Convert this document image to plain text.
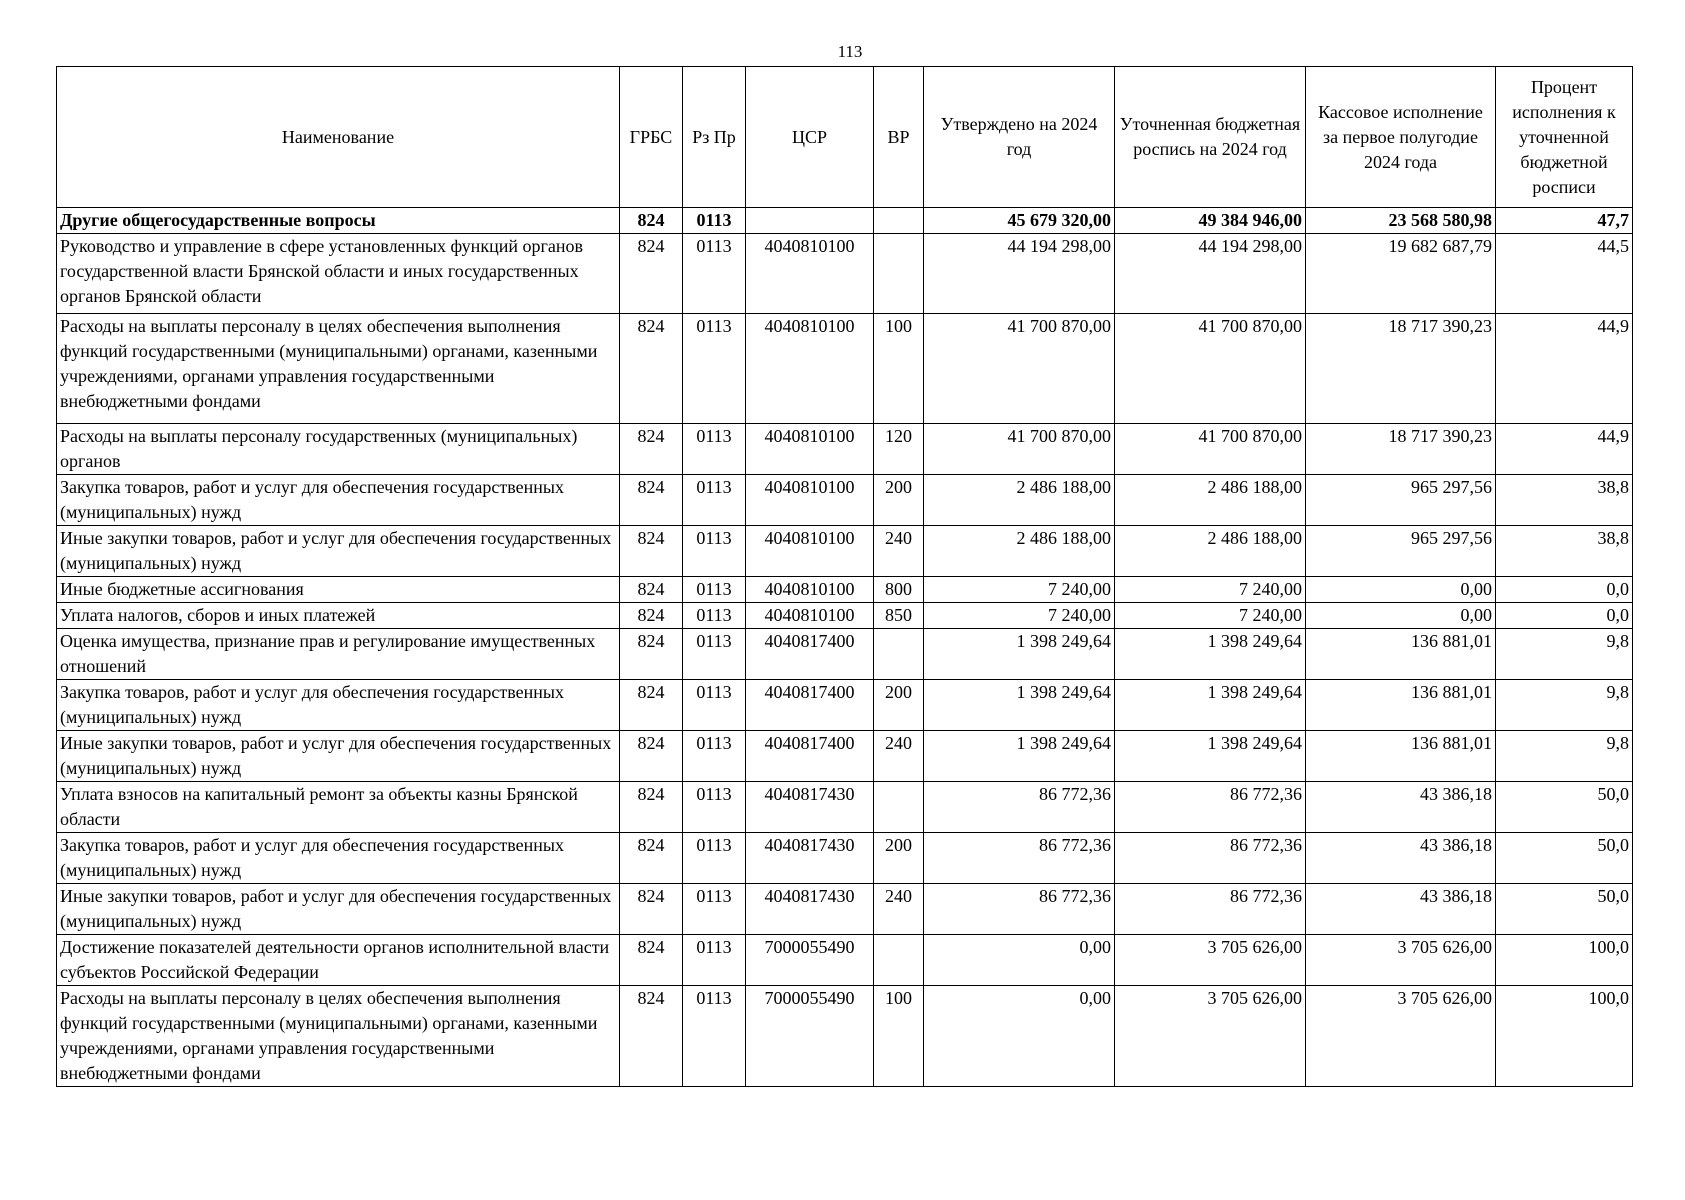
113
Наименование	ГРБС	Рз Пр	ЦСР	ВР	Утверждено на 2024 год	Уточненная бюджетная роспись на 2024 год	Кассовое исполнение за первое полугодие 2024 года	Процент исполнения к уточненной бюджетной росписи
Другие общегосударственные вопросы	824	0113			45 679 320,00	49 384 946,00	23 568 580,98	47,7
Руководство и управление в сфере установленных функций органов государственной власти Брянской области и иных государственных органов Брянской области	824	0113	4040810100		44 194 298,00	44 194 298,00	19 682 687,79	44,5
Расходы на выплаты персоналу в целях обеспечения выполнения функций государственными (муниципальными) органами, казенными учреждениями, органами управления государственными внебюджетными фондами	824	0113	4040810100	100	41 700 870,00	41 700 870,00	18 717 390,23	44,9
Расходы на выплаты персоналу государственных (муниципальных) органов	824	0113	4040810100	120	41 700 870,00	41 700 870,00	18 717 390,23	44,9
Закупка товаров, работ и услуг для обеспечения государственных (муниципальных) нужд	824	0113	4040810100	200	2 486 188,00	2 486 188,00	965 297,56	38,8
Иные закупки товаров, работ и услуг для обеспечения государственных (муниципальных) нужд	824	0113	4040810100	240	2 486 188,00	2 486 188,00	965 297,56	38,8
Иные бюджетные ассигнования	824	0113	4040810100	800	7 240,00	7 240,00	0,00	0,0
Уплата налогов, сборов и иных платежей	824	0113	4040810100	850	7 240,00	7 240,00	0,00	0,0
Оценка имущества, признание прав и регулирование имущественных отношений	824	0113	4040817400		1 398 249,64	1 398 249,64	136 881,01	9,8
Закупка товаров, работ и услуг для обеспечения государственных (муниципальных) нужд	824	0113	4040817400	200	1 398 249,64	1 398 249,64	136 881,01	9,8
Иные закупки товаров, работ и услуг для обеспечения государственных (муниципальных) нужд	824	0113	4040817400	240	1 398 249,64	1 398 249,64	136 881,01	9,8
Уплата взносов на капитальный ремонт за объекты казны Брянской области	824	0113	4040817430		86 772,36	86 772,36	43 386,18	50,0
Закупка товаров, работ и услуг для обеспечения государственных (муниципальных) нужд	824	0113	4040817430	200	86 772,36	86 772,36	43 386,18	50,0
Иные закупки товаров, работ и услуг для обеспечения государственных (муниципальных) нужд	824	0113	4040817430	240	86 772,36	86 772,36	43 386,18	50,0
Достижение показателей деятельности органов исполнительной власти субъектов Российской Федерации	824	0113	7000055490		0,00	3 705 626,00	3 705 626,00	100,0
Расходы на выплаты персоналу в целях обеспечения выполнения функций государственными (муниципальными) органами, казенными учреждениями, органами управления государственными внебюджетными фондами	824	0113	7000055490	100	0,00	3 705 626,00	3 705 626,00	100,0
